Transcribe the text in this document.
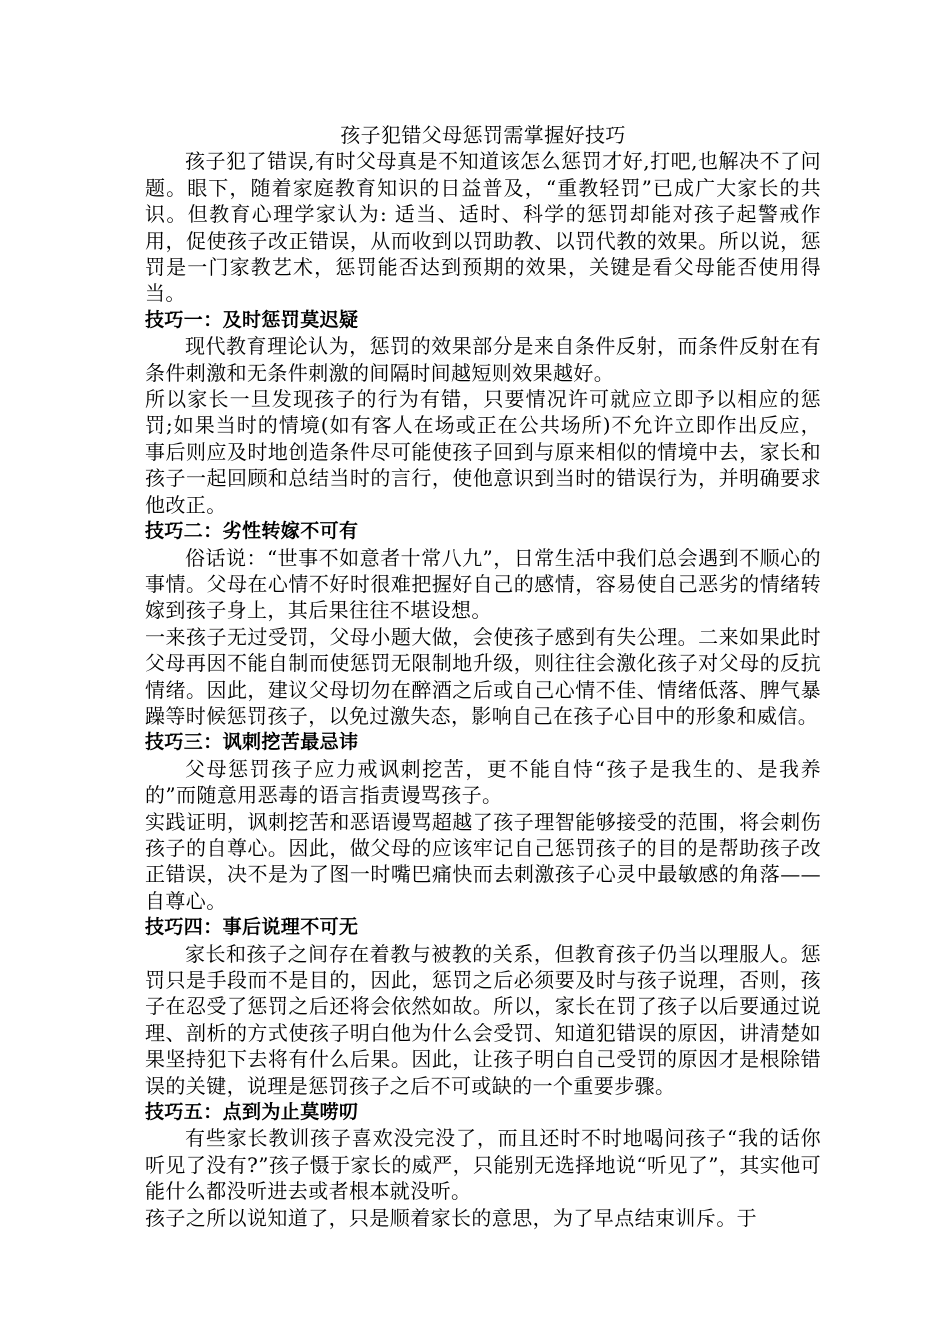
孩子犯错父母惩罚需掌握好技巧

孩子犯了错误,有时父母真是不知道该怎么惩罚才好,打吧,也解决不了问题。眼下，随着家庭教育知识的日益普及，“重教轻罚”已成广大家长的共识。但教育心理学家认为: 适当、适时、科学的惩罚却能对孩子起警戒作用，促使孩子改正错误，从而收到以罚助教、以罚代教的效果。所以说，惩罚是一门家教艺术，惩罚能否达到预期的效果，关键是看父母能否使用得当。

技巧一：及时惩罚莫迟疑

现代教育理论认为，惩罚的效果部分是来自条件反射，而条件反射在有条件刺激和无条件刺激的间隔时间越短则效果越好。

所以家长一旦发现孩子的行为有错，只要情况许可就应立即予以相应的惩罚;如果当时的情境(如有客人在场或正在公共场所)不允许立即作出反应，事后则应及时地创造条件尽可能使孩子回到与原来相似的情境中去，家长和孩子一起回顾和总结当时的言行，使他意识到当时的错误行为，并明确要求他改正。

技巧二：劣性转嫁不可有

俗话说：“世事不如意者十常八九”，日常生活中我们总会遇到不顺心的事情。父母在心情不好时很难把握好自己的感情，容易使自己恶劣的情绪转嫁到孩子身上，其后果往往不堪设想。

一来孩子无过受罚，父母小题大做，会使孩子感到有失公理。二来如果此时父母再因不能自制而使惩罚无限制地升级，则往往会激化孩子对父母的反抗情绪。因此，建议父母切勿在醉酒之后或自己心情不佳、情绪低落、脾气暴躁等时候惩罚孩子，以免过激失态，影响自己在孩子心目中的形象和威信。

技巧三：讽刺挖苦最忌讳

父母惩罚孩子应力戒讽刺挖苦，更不能自恃“孩子是我生的、是我养的”而随意用恶毒的语言指责谩骂孩子。

实践证明，讽刺挖苦和恶语谩骂超越了孩子理智能够接受的范围，将会刺伤孩子的自尊心。因此，做父母的应该牢记自己惩罚孩子的目的是帮助孩子改正错误，决不是为了图一时嘴巴痛快而去刺激孩子心灵中最敏感的角落——自尊心。

技巧四：事后说理不可无

家长和孩子之间存在着教与被教的关系，但教育孩子仍当以理服人。惩罚只是手段而不是目的，因此，惩罚之后必须要及时与孩子说理，否则，孩子在忍受了惩罚之后还将会依然如故。所以，家长在罚了孩子以后要通过说理、剖析的方式使孩子明白他为什么会受罚、知道犯错误的原因，讲清楚如果坚持犯下去将有什么后果。因此，让孩子明白自己受罚的原因才是根除错误的关键，说理是惩罚孩子之后不可或缺的一个重要步骤。

技巧五：点到为止莫唠叨

有些家长教训孩子喜欢没完没了，而且还时不时地喝问孩子“我的话你听见了没有?”孩子慑于家长的威严，只能别无选择地说“听见了”，其实他可能什么都没听进去或者根本就没听。

孩子之所以说知道了，只是顺着家长的意思，为了早点结束训斥。于
